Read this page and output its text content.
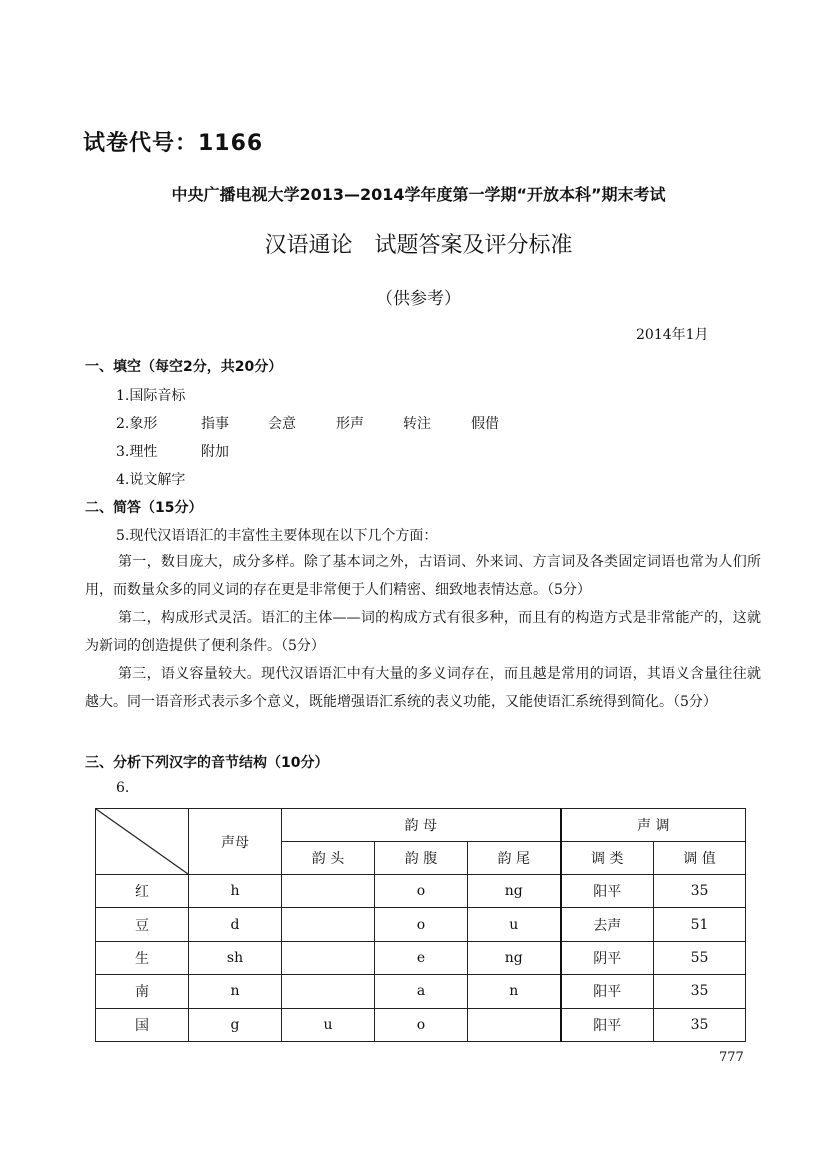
试卷代号：1166
中央广播电视大学2013—2014学年度第一学期“开放本科”期末考试
汉语通论　试题答案及评分标准
（供参考）
2014年1月
一、填空（每空2分，共20分）
1.国际音标
2.象形	指事	会意	形声	转注	假借
3.理性	附加
4.说文解字
二、简答（15分）
5.现代汉语语汇的丰富性主要体现在以下几个方面：
第一，数目庞大，成分多样。除了基本词之外，古语词、外来词、方言词及各类固定词语也常为人们所用，而数量众多的同义词的存在更是非常便于人们精密、细致地表情达意。（5分）
第二，构成形式灵活。语汇的主体——词的构成方式有很多种，而且有的构造方式是非常能产的，这就为新词的创造提供了便利条件。（5分）
第三，语义容量较大。现代汉语语汇中有大量的多义词存在，而且越是常用的词语，其语义含量往往就越大。同一语音形式表示多个意义，既能增强语汇系统的表义功能，又能使语汇系统得到简化。（5分）
三、分析下列汉字的音节结构（10分）
6.
	声母	韵 母			声 调	
		韵 头	韵 腹	韵 尾	调 类	调 值
红	h		o	ng	阳平	35
豆	d		o	u	去声	51
生	sh		e	ng	阴平	55
南	n		a	n	阳平	35
国	g	u	o		阳平	35
777
